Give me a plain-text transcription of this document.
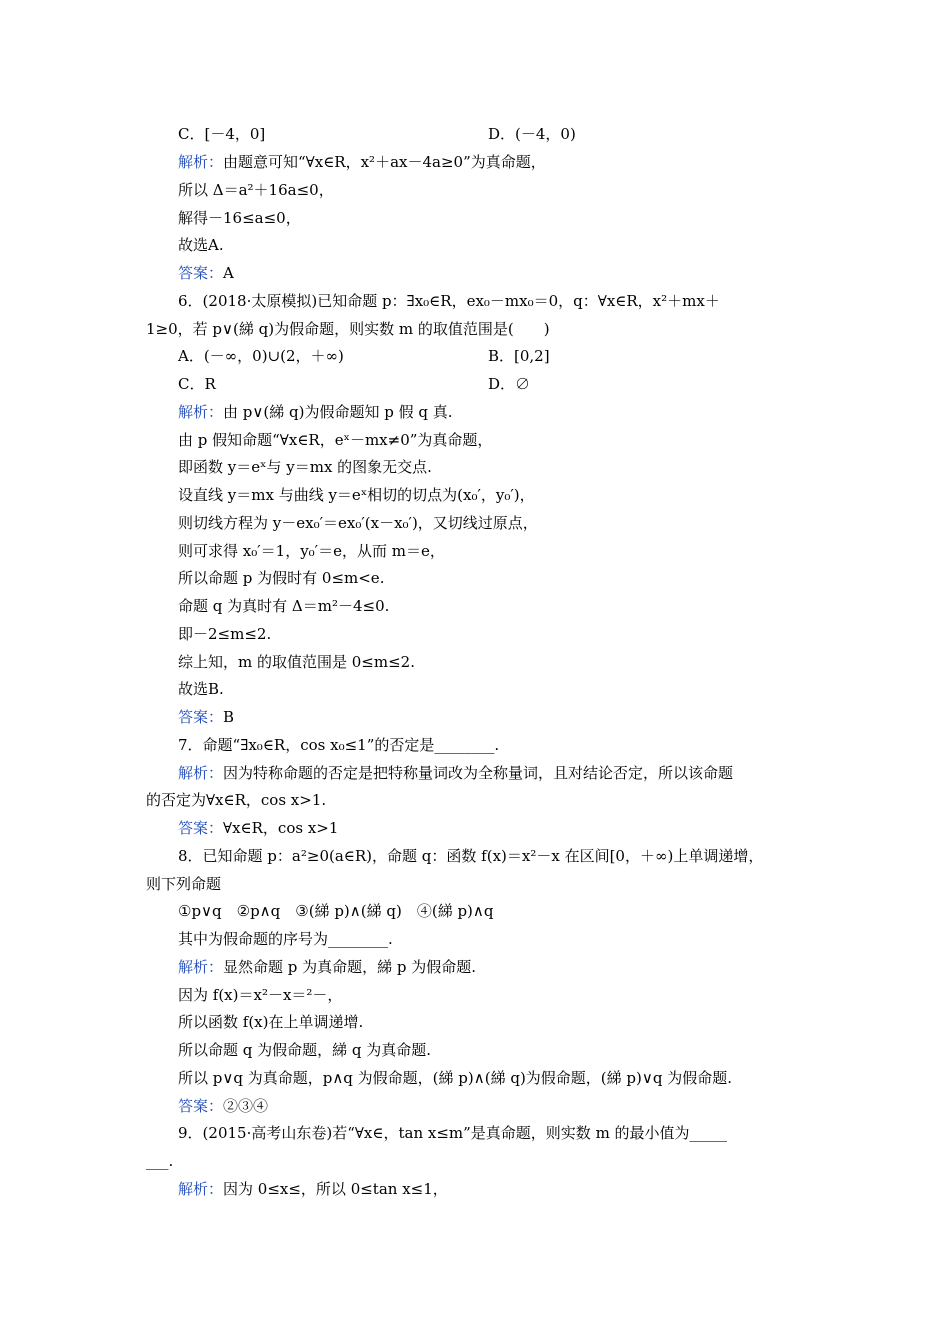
C．[－4，0]	D．(－4，0)
解析：由题意可知“∀x∈R，x²＋ax－4a≥0”为真命题，
所以 Δ＝a²＋16a≤0，
解得－16≤a≤0，
故选A.
答案：A
6．(2018·太原模拟)已知命题 p：∃x₀∈R，ex₀－mx₀＝0，q：∀x∈R，x²＋mx＋
1≥0，若 p∨(綈 q)为假命题，则实数 m 的取值范围是(　　)
A．(－∞，0)∪(2，＋∞)	B．[0,2]
C．R	D．∅
解析：由 p∨(綈 q)为假命题知 p 假 q 真.
由 p 假知命题“∀x∈R，eˣ－mx≠0”为真命题，
即函数 y＝eˣ与 y＝mx 的图象无交点.
设直线 y＝mx 与曲线 y＝eˣ相切的切点为(x₀′，y₀′)，
则切线方程为 y－ex₀′＝ex₀′(x－x₀′)，又切线过原点，
则可求得 x₀′＝1，y₀′＝e，从而 m＝e，
所以命题 p 为假时有 0≤m<e.
命题 q 为真时有 Δ＝m²－4≤0.
即－2≤m≤2.
综上知，m 的取值范围是 0≤m≤2.
故选B.
答案：B
7．命题“∃x₀∈R，cos x₀≤1”的否定是________.
解析：因为特称命题的否定是把特称量词改为全称量词，且对结论否定，所以该命题
的否定为∀x∈R，cos x>1.
答案：∀x∈R，cos x>1
8．已知命题 p：a²≥0(a∈R)，命题 q：函数 f(x)＝x²－x 在区间[0，＋∞)上单调递增，
则下列命题
①p∨q　②p∧q　③(綈 p)∧(綈 q)　④(綈 p)∧q
其中为假命题的序号为________.
解析：显然命题 p 为真命题，綈 p 为假命题.
因为 f(x)＝x²－x＝²－，
所以函数 f(x)在上单调递增.
所以命题 q 为假命题，綈 q 为真命题.
所以 p∨q 为真命题，p∧q 为假命题，(綈 p)∧(綈 q)为假命题，(綈 p)∨q 为假命题.
答案：②③④
9．(2015·高考山东卷)若“∀x∈，tan x≤m”是真命题，则实数 m 的最小值为_____
___.
解析：因为 0≤x≤，所以 0≤tan x≤1，
